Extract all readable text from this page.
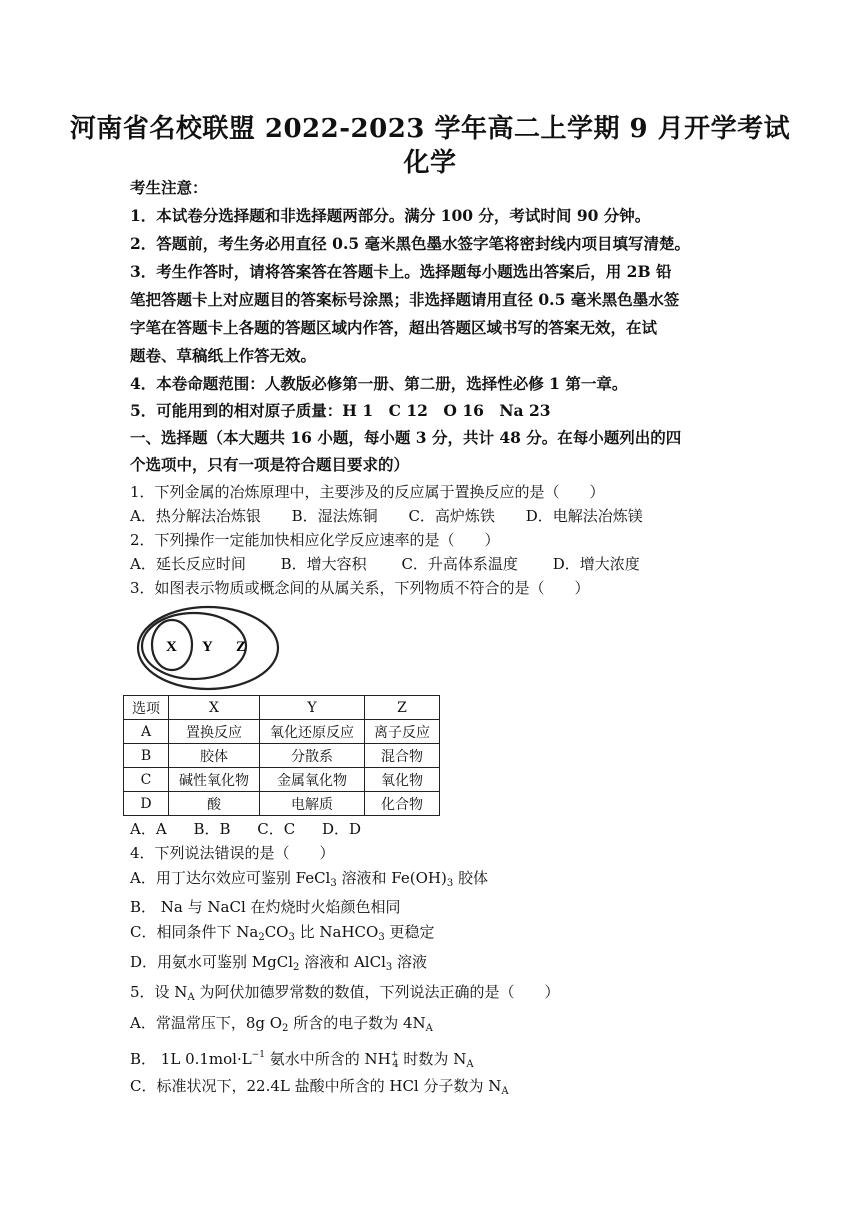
河南省名校联盟 2022-2023 学年高二上学期 9 月开学考试
化学
考生注意：
1．本试卷分选择题和非选择题两部分。满分 100 分，考试时间 90 分钟。
2．答题前，考生务必用直径 0.5 毫米黑色墨水签字笔将密封线内项目填写清楚。
3．考生作答时，请将答案答在答题卡上。选择题每小题选出答案后，用 2B 铅
笔把答题卡上对应题目的答案标号涂黑；非选择题请用直径 0.5 毫米黑色墨水签
字笔在答题卡上各题的答题区域内作答，超出答题区域书写的答案无效，在试
题卷、草稿纸上作答无效。
4．本卷命题范围：人教版必修第一册、第二册，选择性必修 1 第一章。
5．可能用到的相对原子质量：H 1　C 12　O 16　Na 23
一、选择题（本大题共 16 小题，每小题 3 分，共计 48 分。在每小题列出的四
个选项中，只有一项是符合题目要求的）
1．下列金属的冶炼原理中，主要涉及的反应属于置换反应的是（　　）
A．热分解法冶炼银 B．湿法炼铜 C．高炉炼铁 D．电解法冶炼镁
2．下列操作一定能加快相应化学反应速率的是（　　）
A．延长反应时间 B．增大容积 C．升高体系温度 D．增大浓度
3．如图表示物质或概念间的从属关系，下列物质不符合的是（　　）
X Y Z
选项	X	Y	Z
A	置换反应	氧化还原反应	离子反应
B	胶体	分散系	混合物
C	碱性氧化物	金属氧化物	氧化物
D	酸	电解质	化合物
A．A B．B C．C D．D
4．下列说法错误的是（　　）
A．用丁达尔效应可鉴别 FeCl$_3$ 溶液和 $Fe(OH)_3$ 胶体
B． Na 与 NaCl 在灼烧时火焰颜色相同
C．相同条件下 $Na_2CO_3$ 比 NaHCO$_3$ 更稳定
D．用氨水可鉴别 MgCl$_2$ 溶液和 AlCl$_3$ 溶液
5．设 $N_A$ 为阿伏加德罗常数的数值，下列说法正确的是（　　）
A．常温常压下，8g $O_2$ 所含的电子数为 $4N_A$
B． 1L $0.1mol\cdot L^{-1}$ 氨水中所含的 $NH^+_4$ 时数为 $N_A$
C．标准状况下，22.4L 盐酸中所含的 HCl 分子数为 $N_A$
